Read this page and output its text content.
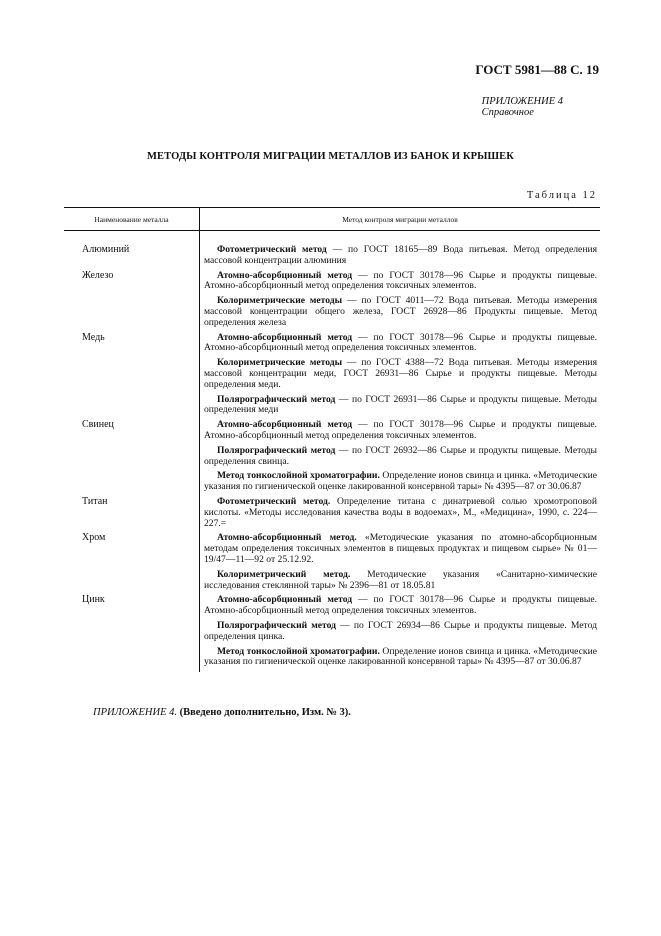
ГОСТ 5981—88 С. 19
ПРИЛОЖЕНИЕ 4
Справочное
МЕТОДЫ КОНТРОЛЯ МИГРАЦИИ МЕТАЛЛОВ ИЗ БАНОК И КРЫШЕК
Таблица 12
Наименование металла	Метод контроля миграции металлов
Алюминий	Фотометрический метод — по ГОСТ 18165—89 Вода питьевая. Метод определения массовой концентрации алюминия
Железо	Атомно-абсорбционный метод — по ГОСТ 30178—96 Сырье и продукты пищевые. Атомно-абсорбционный метод определения токсичных элементов.
Колориметрические методы — по ГОСТ 4011—72 Вода питьевая. Методы измерения массовой концентрации общего железа, ГОСТ 26928—86 Продукты пищевые. Метод определения железа
Медь	Атомно-абсорбционный метод — по ГОСТ 30178—96 Сырье и продукты пищевые. Атомно-абсорбционный метод определения токсичных элементов.
Колориметрические методы — по ГОСТ 4388—72 Вода питьевая. Методы измерения массовой концентрации меди, ГОСТ 26931—86 Сырье и продукты пищевые. Методы определения меди.
Полярографический метод — по ГОСТ 26931—86 Сырье и продукты пищевые. Методы определения меди
Свинец	Атомно-абсорбционный метод — по ГОСТ 30178—96 Сырье и продукты пищевые. Атомно-абсорбционный метод определения токсичных элементов.
Полярографический метод — по ГОСТ 26932—86 Сырье и продукты пищевые. Методы определения свинца.
Метод тонкослойной хроматографии. Определение ионов свинца и цинка. «Методические указания по гигиенической оценке лакированной консервной тары» № 4395—87 от 30.06.87
Титан	Фотометрический метод. Определение титана с динатриевой солью хромотроповой кислоты. «Методы исследования качества воды в водоемах», М., «Медицина», 1990, с. 224—227.=
Хром	Атомно-абсорбционный метод. «Методические указания по атомно-абсорбционным методам определения токсичных элементов в пищевых продуктах и пищевом сырье» № 01—19/47—11—92 от 25.12.92.
Колориметрический метод. Методические указания «Санитарно-химические исследования стеклянной тары» № 2396—81 от 18.05.81
Цинк	Атомно-абсорбционный метод — по ГОСТ 30178—96 Сырье и продукты пищевые. Атомно-абсорбционный метод определения токсичных элементов.
Полярографический метод — по ГОСТ 26934—86 Сырье и продукты пищевые. Метод определения цинка.
Метод тонкослойной хроматографии. Определение ионов свинца и цинка. «Методические указания по гигиенической оценке лакированной консервной тары» № 4395—87 от 30.06.87
ПРИЛОЖЕНИЕ 4. (Введено дополнительно, Изм. № 3).
